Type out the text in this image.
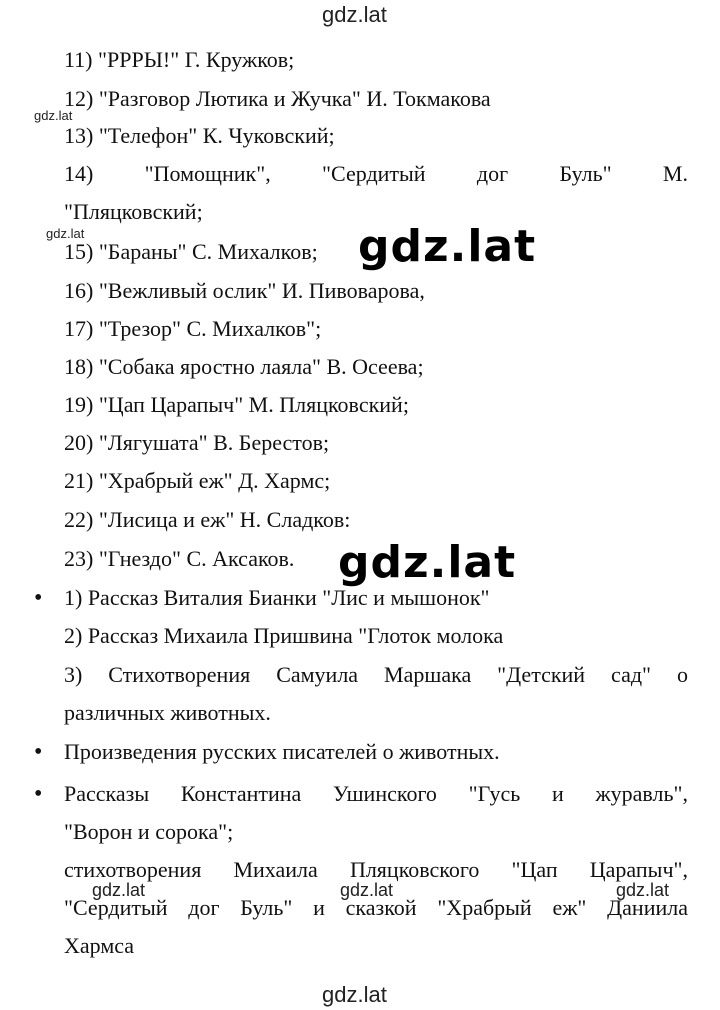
gdz.lat
11) "РРРЫ!" Г. Кружков;
12) "Разговор Лютика и Жучка" И. Токмакова
gdz.lat
13) "Телефон" К. Чуковский;
14) "Помощник", "Сердитый дог Буль" М.
"Пляцковский;
gdz.lat
15) "Бараны" С. Михалков; gdz.lat
16) "Вежливый ослик" И. Пивоварова,
17) "Трезор" С. Михалков";
18) "Собака яростно лаяла" В. Осеева;
19) "Цап Царапыч" М. Пляцковский;
20) "Лягушата" В. Берестов;
21) "Храбрый еж" Д. Хармс;
22) "Лисица и еж" Н. Сладков:
23) "Гнездо" С. Аксаков. gdz.lat
• 1) Рассказ Виталия Бианки "Лис и мышонок"
2) Рассказ Михаила Пришвина "Глоток молока
3) Стихотворения Самуила Маршака "Детский сад" о
различных животных.
• Произведения русских писателей о животных.
• Рассказы Константина Ушинского "Гусь и журавль",
"Ворон и сорока";
стихотворения Михаила Пляцковского "Цап Царапыч",
gdz.lat	gdz.lat	gdz.lat
"Сердитый дог Буль" и сказкой "Храбрый еж" Даниила
Хармса
gdz.lat
